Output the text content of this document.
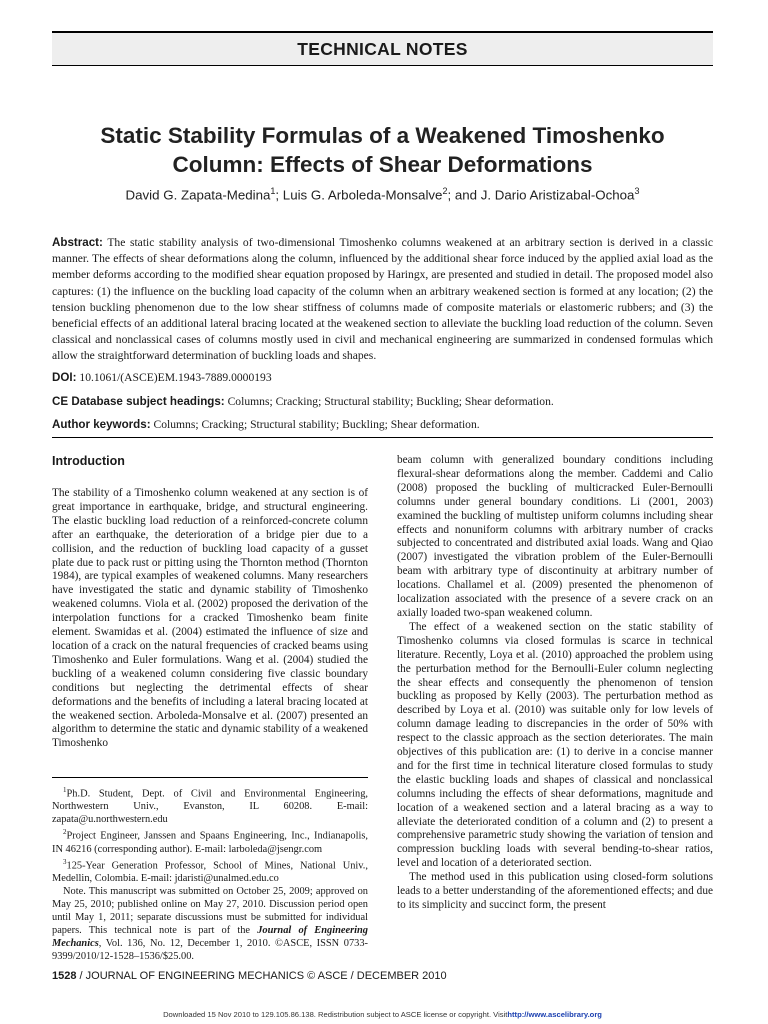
TECHNICAL NOTES
Static Stability Formulas of a Weakened Timoshenko
Column: Effects of Shear Deformations
David G. Zapata-Medina$^1$; Luis G. Arboleda-Monsalve$^2$; and J. Dario Aristizabal-Ochoa$^3$
Abstract: The static stability analysis of two-dimensional Timoshenko columns weakened at an arbitrary section is derived in a classic manner. The effects of shear deformations along the column, influenced by the additional shear force induced by the applied axial load as the member deforms according to the modified shear equation proposed by Haringx, are presented and studied in detail. The proposed model also captures: (1) the influence on the buckling load capacity of the column when an arbitrary weakened section is formed at any location; (2) the tension buckling phenomenon due to the low shear stiffness of columns made of composite materials or elastomeric rubbers; and (3) the beneficial effects of an additional lateral bracing located at the weakened section to alleviate the buckling load reduction of the column. Seven classical and nonclassical cases of columns mostly used in civil and mechanical engineering are summarized in condensed formulas which allow the straightforward determination of buckling loads and shapes.
DOI: 10.1061/(ASCE)EM.1943-7889.0000193
CE Database subject headings: Columns; Cracking; Structural stability; Buckling; Shear deformation.
Author keywords: Columns; Cracking; Structural stability; Buckling; Shear deformation.
Introduction

The stability of a Timoshenko column weakened at any section is of great importance in earthquake, bridge, and structural engineering. The elastic buckling load reduction of a reinforced-concrete column after an earthquake, the deterioration of a bridge pier due to a collision, and the reduction of buckling load capacity of a gusset plate due to pack rust or pitting using the Thornton method (Thornton 1984), are typical examples of weakened columns. Many researchers have investigated the static and dynamic stability of Timoshenko weakened columns. Viola et al. (2002) proposed the derivation of the interpolation functions for a cracked Timoshenko beam finite element. Swamidas et al. (2004) estimated the influence of size and location of a crack on the natural frequencies of cracked beams using Timoshenko and Euler formulations. Wang et al. (2004) studied the buckling of a weakened column considering five classic boundary conditions but neglecting the detrimental effects of shear deformations and the benefits of including a lateral bracing located at the weakened section. Arboleda-Monsalve et al. (2007) presented an algorithm to determine the static and dynamic stability of a weakened Timoshenko

$^1$Ph.D. Student, Dept. of Civil and Environmental Engineering, Northwestern Univ., Evanston, IL 60208. E-mail: zapata@u.northwestern.edu

$^2$Project Engineer, Janssen and Spaans Engineering, Inc., Indianapolis, IN 46216 (corresponding author). E-mail: larboleda@jsengr.com

$^3$125-Year Generation Professor, School of Mines, National Univ., Medellin, Colombia. E-mail: jdaristi@unalmed.edu.co

Note. This manuscript was submitted on October 25, 2009; approved on May 25, 2010; published online on May 27, 2010. Discussion period open until May 1, 2011; separate discussions must be submitted for individual papers. This technical note is part of the Journal of Engineering Mechanics, Vol. 136, No. 12, December 1, 2010. ©ASCE, ISSN 0733-9399/2010/12-1528–1536/$25.00.

beam column with generalized boundary conditions including flexural-shear deformations along the member. Caddemi and Calio (2008) proposed the buckling of multicracked Euler-Bernoulli columns under general boundary conditions. Li (2001, 2003) examined the buckling of multistep uniform columns including shear effects and nonuniform columns with arbitrary number of cracks subjected to concentrated and distributed axial loads. Wang and Qiao (2007) investigated the vibration problem of the Euler-Bernoulli beam with arbitrary type of discontinuity at arbitrary number of locations. Challamel et al. (2009) presented the phenomenon of localization associated with the presence of a severe crack on an axially loaded two-span weakened column.

The effect of a weakened section on the static stability of Timoshenko columns via closed formulas is scarce in technical literature. Recently, Loya et al. (2010) approached the problem using the perturbation method for the Bernoulli-Euler column neglecting the shear effects and consequently the phenomenon of tension buckling as proposed by Kelly (2003). The perturbation method as described by Loya et al. (2010) was suitable only for low levels of column damage leading to discrepancies in the order of 50% with respect to the classic approach as the section deteriorates. The main objectives of this publication are: (1) to derive in a concise manner and for the first time in technical literature closed formulas to study the elastic buckling loads and shapes of classical and nonclassical columns including the effects of shear deformations, magnitude and location of a weakened section and a lateral bracing as a way to alleviate the deteriorated condition of a column and (2) to present a comprehensive parametric study showing the variation of tension and compression buckling loads with several bending-to-shear ratios, level and location of a deteriorated section.

The method used in this publication using closed-form solutions leads to a better understanding of the aforementioned effects; and due to its simplicity and succinct form, the present

1528 / JOURNAL OF ENGINEERING MECHANICS © ASCE / DECEMBER 2010
Downloaded 15 Nov 2010 to 129.105.86.138. Redistribution subject to ASCE license or copyright. Visithttp://www.ascelibrary.org
